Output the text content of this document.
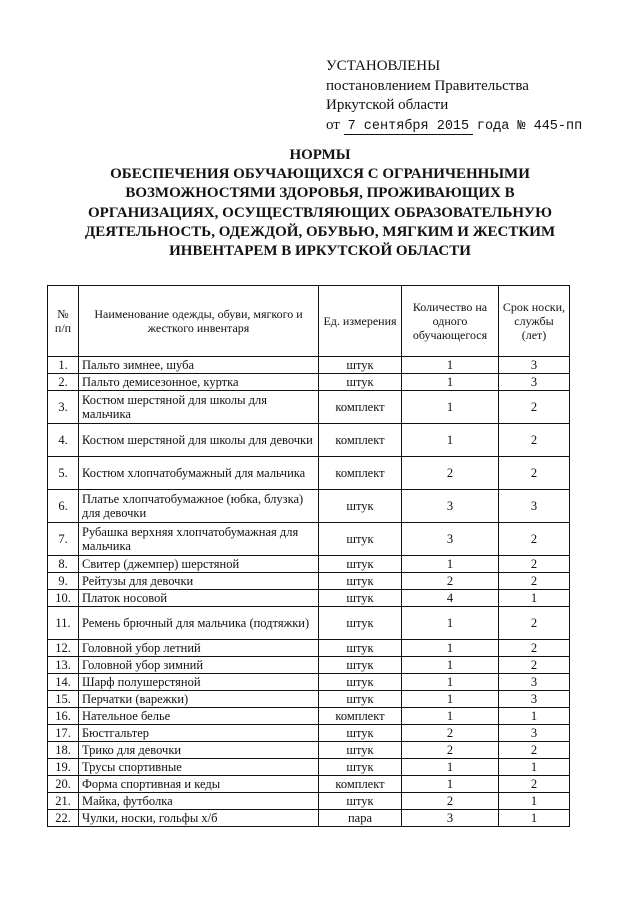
УСТАНОВЛЕНЫ
постановлением Правительства
Иркутской области
от 7 сентября 2015 года № 445-пп
НОРМЫ
ОБЕСПЕЧЕНИЯ ОБУЧАЮЩИХСЯ С ОГРАНИЧЕННЫМИ
ВОЗМОЖНОСТЯМИ ЗДОРОВЬЯ, ПРОЖИВАЮЩИХ В
ОРГАНИЗАЦИЯХ, ОСУЩЕСТВЛЯЮЩИХ ОБРАЗОВАТЕЛЬНУЮ
ДЕЯТЕЛЬНОСТЬ, ОДЕЖДОЙ, ОБУВЬЮ, МЯГКИМ И ЖЕСТКИМ
ИНВЕНТАРЕМ В ИРКУТСКОЙ ОБЛАСТИ
№ п/п	Наименование одежды, обуви, мягкого и жесткого инвентаря	Ед. измерения	Количество на одного обучающегося	Срок носки, службы (лет)
1.	Пальто зимнее, шуба	штук	1	3
2.	Пальто демисезонное, куртка	штук	1	3
3.	Костюм шерстяной для школы для мальчика	комплект	1	2
4.	Костюм шерстяной для школы для девочки	комплект	1	2
5.	Костюм хлопчатобумажный для мальчика	комплект	2	2
6.	Платье хлопчатобумажное (юбка, блузка) для девочки	штук	3	3
7.	Рубашка верхняя хлопчатобумажная для мальчика	штук	3	2
8.	Свитер (джемпер) шерстяной	штук	1	2
9.	Рейтузы для девочки	штук	2	2
10.	Платок носовой	штук	4	1
11.	Ремень брючный для мальчика (подтяжки)	штук	1	2
12.	Головной убор летний	штук	1	2
13.	Головной убор зимний	штук	1	2
14.	Шарф полушерстяной	штук	1	3
15.	Перчатки (варежки)	штук	1	3
16.	Нательное белье	комплект	1	1
17.	Бюстгальтер	штук	2	3
18.	Трико для девочки	штук	2	2
19.	Трусы спортивные	штук	1	1
20.	Форма спортивная и кеды	комплект	1	2
21.	Майка, футболка	штук	2	1
22.	Чулки, носки, гольфы х/б	пара	3	1
